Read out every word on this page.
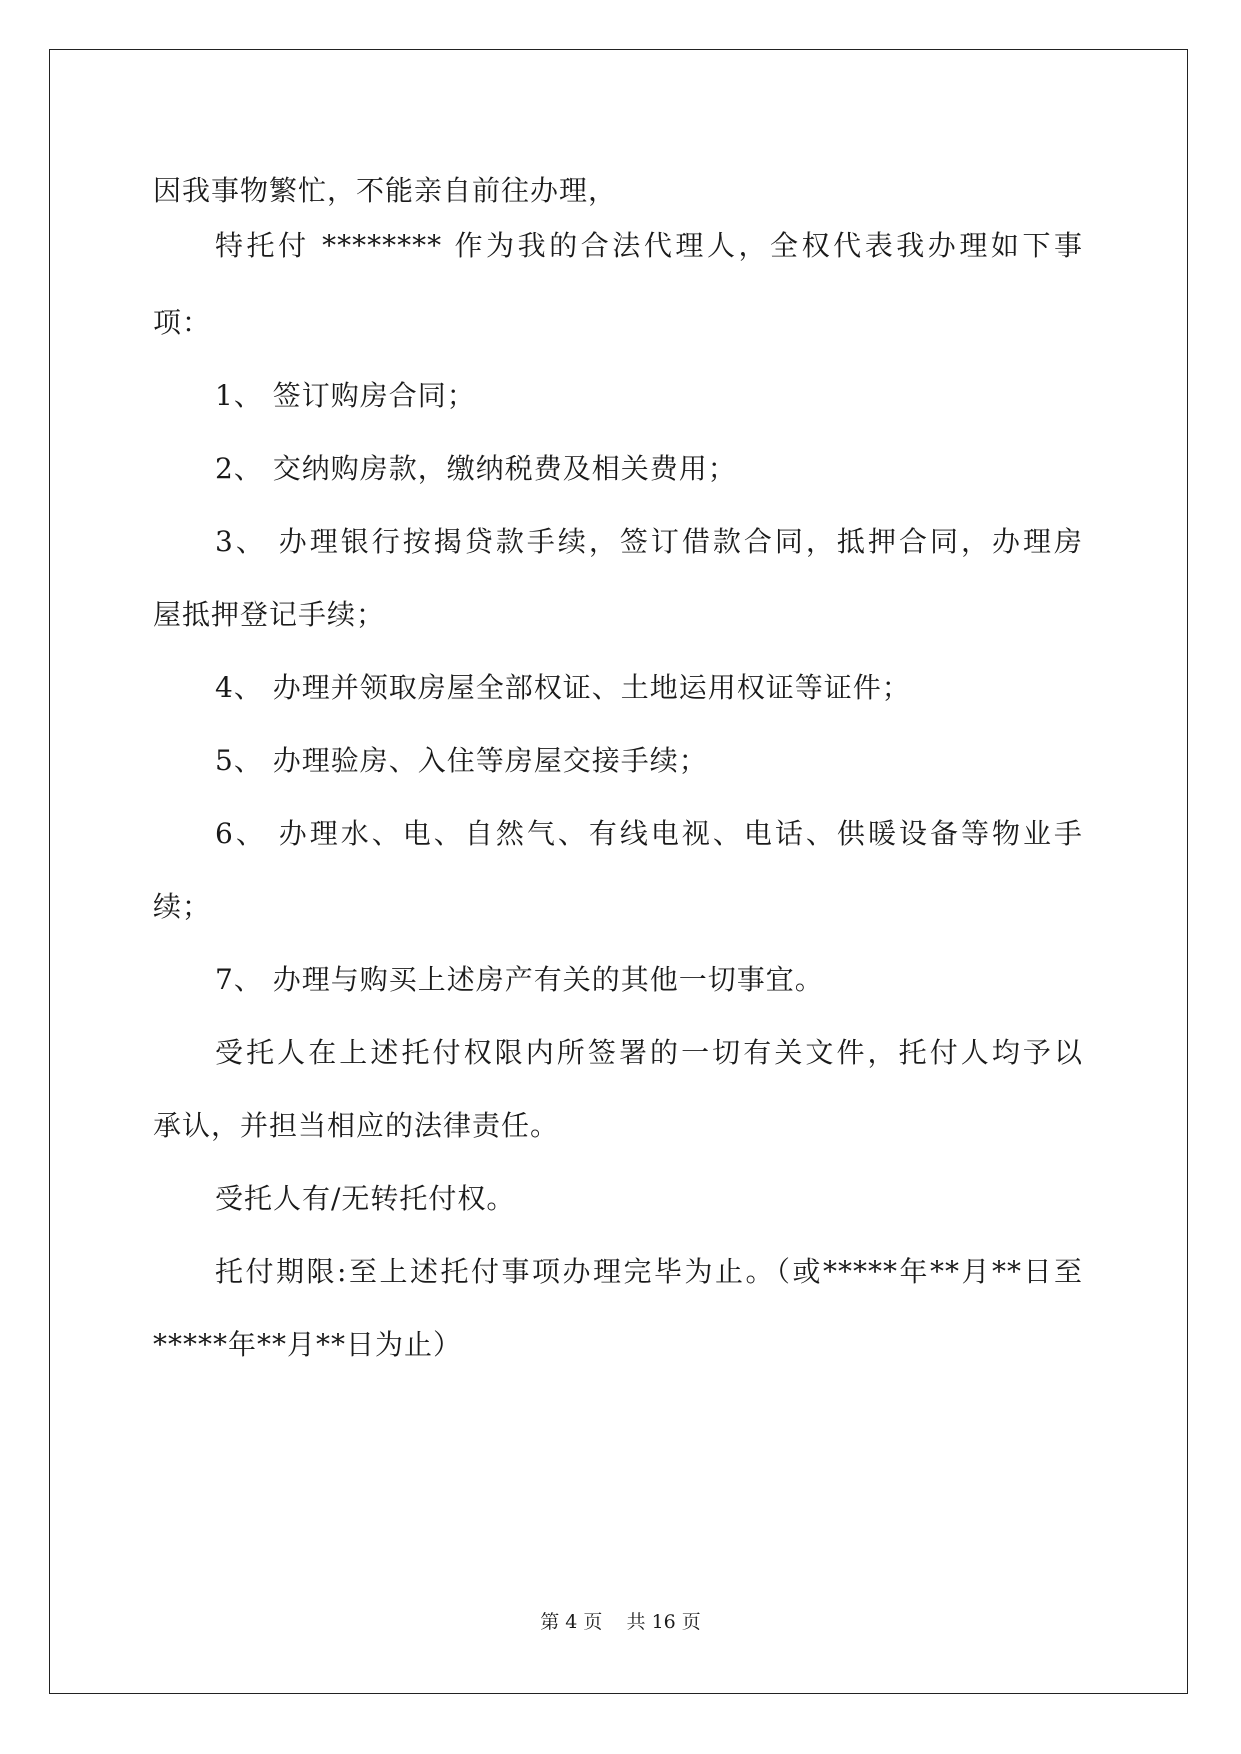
因我事物繁忙，不能亲自前往办理，
特托付 ******** 作为我的合法代理人，全权代表我办理如下事
项：
1、 签订购房合同；
2、 交纳购房款，缴纳税费及相关费用；
3、 办理银行按揭贷款手续，签订借款合同，抵押合同，办理房
屋抵押登记手续；
4、 办理并领取房屋全部权证、土地运用权证等证件；
5、 办理验房、入住等房屋交接手续；
6、 办理水、电、自然气、有线电视、电话、供暖设备等物业手
续；
7、 办理与购买上述房产有关的其他一切事宜。
受托人在上述托付权限内所签署的一切有关文件，托付人均予以
承认，并担当相应的法律责任。
受托人有/无转托付权。
托付期限:至上述托付事项办理完毕为止。（或*****年**月**日至
*****年**月**日为止）
第 4 页    共 16 页
